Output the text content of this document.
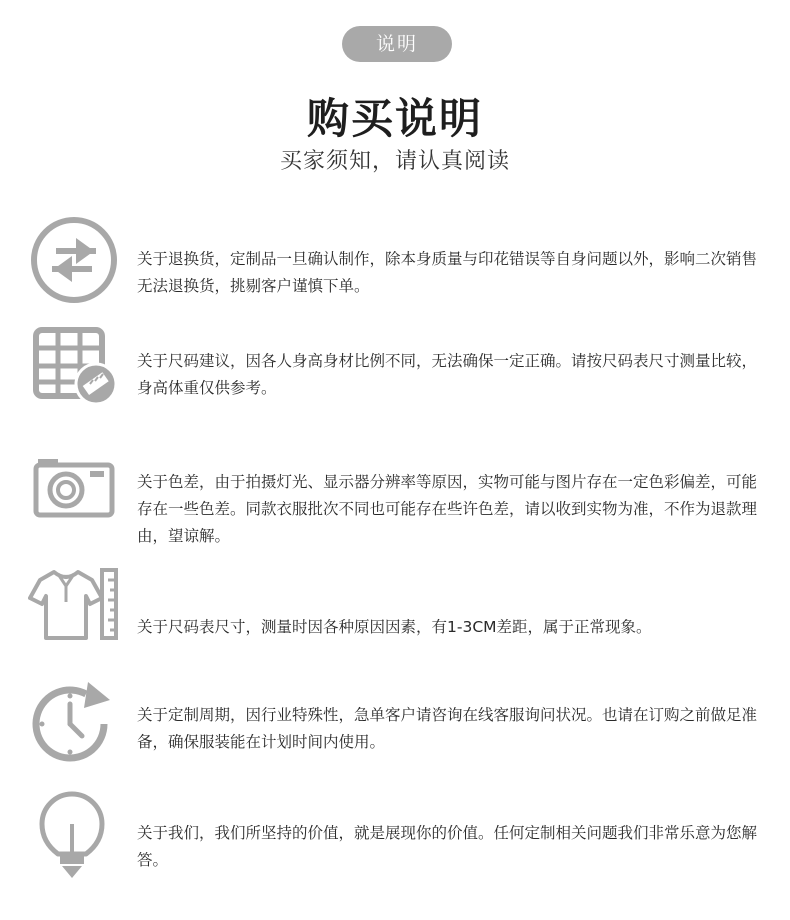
说明
购买说明
买家须知，请认真阅读
关于退换货，定制品一旦确认制作，除本身质量与印花错误等自身问题以外，影响二次销售无法退换货，挑剔客户谨慎下单。
关于尺码建议，因各人身高身材比例不同，无法确保一定正确。请按尺码表尺寸测量比较，身高体重仅供参考。
关于色差，由于拍摄灯光、显示器分辨率等原因，实物可能与图片存在一定色彩偏差，可能存在一些色差。同款衣服批次不同也可能存在些许色差，请以收到实物为准，不作为退款理由，望谅解。
关于尺码表尺寸，测量时因各种原因因素，有1-3CM差距，属于正常现象。
关于定制周期，因行业特殊性，急单客户请咨询在线客服询问状况。也请在订购之前做足准备，确保服装能在计划时间内使用。
关于我们，我们所坚持的价值，就是展现你的价值。任何定制相关问题我们非常乐意为您解答。
